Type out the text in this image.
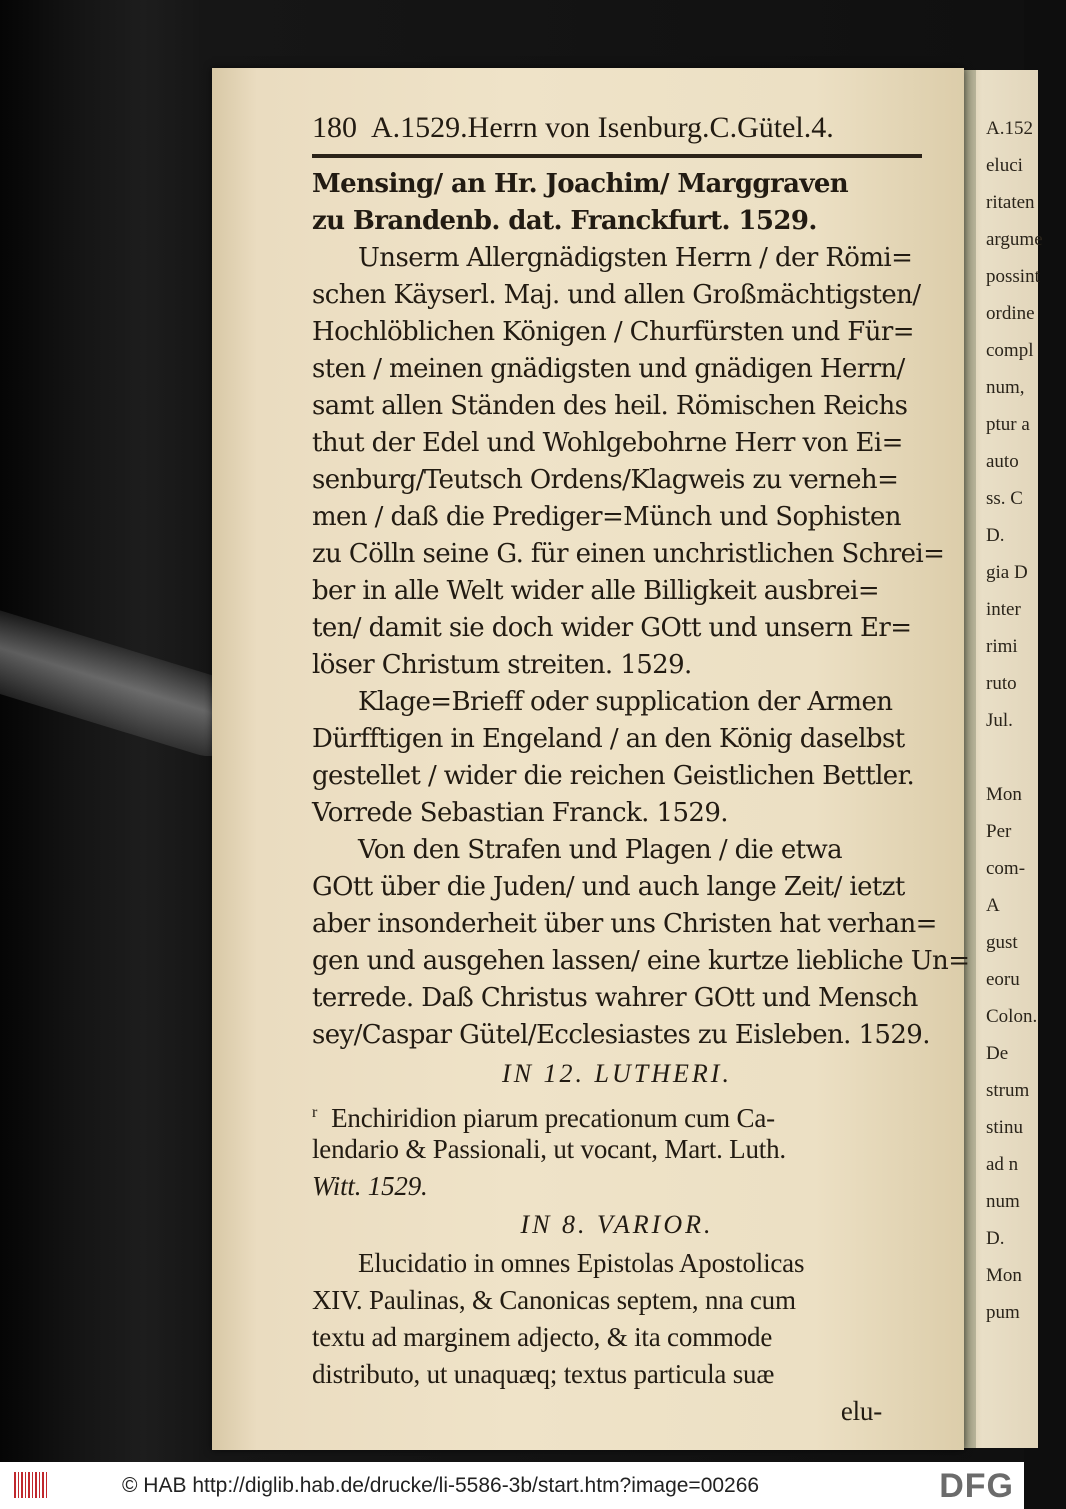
A.152
eluci
ritaten
argume
possint
ordine
compl
num,
ptur a
auto
ss. C
D.
gia D
inter
rimi
ruto
Jul.
Mon
Per
com-
A
gust
eoru
Colon.
De
strum
stinu
ad n
num
D.
Mon
pum
180 A.1529.Herrn von Isenburg.C.Gütel.4.
Mensing/ an Hr. Joachim/ Marggraven
zu Brandenb. dat. Franckfurt. 1529.
Unserm Allergnädigsten Herrn / der Römi=
schen Käyserl. Maj. und allen Großmächtigsten/
Hochlöblichen Königen / Churfürsten und Für=
sten / meinen gnädigsten und gnädigen Herrn/
samt allen Ständen des heil. Römischen Reichs
thut der Edel und Wohlgebohrne Herr von Ei=
senburg/Teutsch Ordens/Klagweis zu verneh=
men / daß die Prediger=Münch und Sophisten
zu Cölln seine G. für einen unchristlichen Schrei=
ber in alle Welt wider alle Billigkeit ausbrei=
ten/ damit sie doch wider GOtt und unsern Er=
löser Christum streiten. 1529.
Klage=Brieff oder supplication der Armen
Dürfftigen in Engeland / an den König daselbst
gestellet / wider die reichen Geistlichen Bettler.
Vorrede Sebastian Franck. 1529.
Von den Strafen und Plagen / die etwa
GOtt über die Juden/ und auch lange Zeit/ ietzt
aber insonderheit über uns Christen hat verhan=
gen und ausgehen lassen/ eine kurtze liebliche Un=
terrede. Daß Christus wahrer GOtt und Mensch
sey/Caspar Gütel/Ecclesiastes zu Eisleben. 1529.
IN 12. LUTHERI.
$^r$ Enchiridion piarum precationum cum Ca-
lendario & Passionali, ut vocant, Mart. Luth.
Witt. 1529.
IN 8. VARIOR.
Elucidatio in omnes Epistolas Apostolicas
XIV. Paulinas, & Canonicas septem, nna cum
textu ad marginem adjecto, & ita commode
distributo, ut unaquæq; textus particula suæ
elu-
© HAB http://diglib.hab.de/drucke/li-5586-3b/start.htm?image=00266	DFG
